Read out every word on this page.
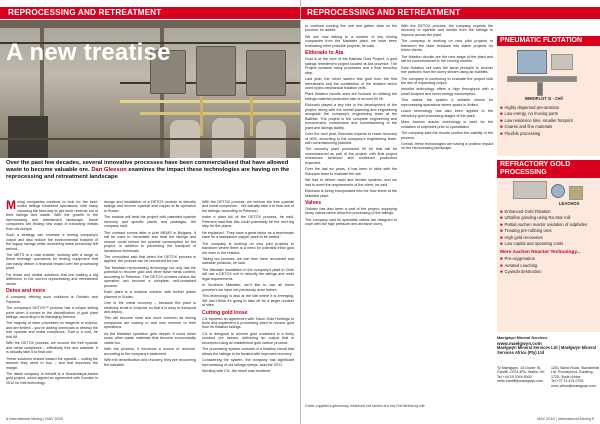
REPROCESSING AND RETREATMENT
A new treatise
Over the past few decades, several innovative processes have been commercialised that have allowed waste to become valuable ore. Dan Gleeson examines the impact these technologies are having on the reprocessing and retreatment landscape

Mining companies continue to look for the best-suited tailings treatment operations, with many choosing the best way to get more revenue out of their tailings and waste. With the growth in the reprocessing and retreatment landscape, these companies are finding new ways of extracting metals from old dumps.

Such a strategy can increase a mining company's output and also reduce the environmental footprint of the legacy tailings while recovering metal previously left behind.

The METS is a vital enabler, working with a range of these leverage operations for finding equipment that can easily deliver a financial reward over the processing plant.

For these and similar solutions that are making a big difference in the current reprocessing and retreatment sector.

Detox and more

A company offering such solutions is Outotec and Partners.

The company's DETOX™ process has a unique selling point when it comes to the detoxification of gold plant tailings, according to its Managing Director.

The majority of other processes on reagents or sulphur, and are limited – you've adding chemicals to destroy the free cyanide and metal complexes. That is a cost, he told IM.

With the DETOX process, we recover the free cyanide and metal complexes – effectively free and saleable. It is actually take it to final use.

These solutions reduce toward the cyanide – cutting the amount they need to buy – and that improves the margin.

The latest company to benefit is a Mozambique-based gold project, which signed an agreement with Dundee in 2012 for this technology.

design and installation of a DETOX module to detoxify tailings and recover cyanide and copper at its operation in Sudan.

The module will treat the project with patented cyanide recovery and specific plants and packages, the company said.

The contract comes after a joint MEMS in Bulgaria. It will be used to 'remediate and treat the tailings and ensure' could reduce the cyanide consumption for the project, in addition to preventing the transport of hazardous chemicals.

The consultant said that when the DETOX process is applied, the product can be recovered for use.

The Mantaler reprocessing technology not only has the potential to recover gold and other base metal content, according to Peterson. The DETOX process means the operation can become a complete, self-contained process.

Each plant is a modular solution with further plants planned in Sudan.

One is the metal recovery – because the plant is relatively small in footprint, so that it is easy to transport and deploy.

This will become more and more common as mining companies are looking to add new revenue to their operations.

As the Mantaler operation gets deeper, it could mean some other waste materials that become economically viable too.

With the process, it becomes a source of revenue, according to the company's statement.

With the detoxification and recovery, they are recovering the saleable.

With the DETOX process, we recover the free cyanide and metal complexes... We actually take it to final use of the tailings, according to Peterson.

make a plant full of the DETOX process, he said. Peterson said that this could potentially be the next big step for the plants.

He explained: 'They have a great factor as a benchmark case for a standalone copper plant to be added.'

The company is working on new pilot projects to transform where there is a need for potential fresh gold ore even in the residue.

Taking our process, we can then have recovered and saleable products, he said.

The Mantaler installation in the company's plant in Chile will use a DETOX unit to detoxify the tailings and meet legal requirements.

In Southern Mantaler, we'd like to use all these process's we have not previously done before.

This technology is also at the site where it is emerging. We don't think it's going to take off for a larger number of sites.

Cutting gold loose

CIL reported an agreement with Tulum Gold Holdings to build and implement a processing plant to recover gold from its flotation tailings.

CIL is designed to recover gold contained in a finely crushed ore stream, delivering an output that is recovered using an established gold carbon process.

The processing system consists of a flotation circuit that allows the tailings to be treated with improved recovery.

Considering the system, the company has significant reprocessing of old tailings dumps, said the CEO.

Working with CIL, the result was excellent.

8 International Mining | MAY 2018
REPROCESSING AND RETREATMENT

to continue running the unit and gather data on the process, he added.

We are now talking to a number of key mining companies from the Mantaler plant, we have been evaluating other possible projects, he said.

Eldorado to Ata

Gold is at the core of the Bakhtar Gold Project, a gold tailings retreatment project located at Ata province. The Project contains many processes and a final recovery step.

Last year, the miner started first gold from the first retreatment and the constitution of the flotation which used hydro-mechanical flotation cells.

Plant flotation circuits used are focused on utilising the tailings material production rate of around 50 t/h.

Eldorado played a key role in the development of the project, along with the overall planning and engineering alongside the company's engineering team at the Bakhtar. The project is the complete engineering and procurement, construction and commissioning of the plant and tailings facility.

Over the next year, Eldorado expects to reach recovery of 90%, according to the company's engineering team, with commissioning planned.

The recovery plant processed 90 t/h that will be commissioned as part of the project, with final project milestones achieved and continued production expected.

Over the last six years, it has been in talks with the Eldorado team to evaluate the site.

We had to deliver rapid and flexible systems, and we had to meet the requirements of the client, he said.

Eldorado is being incorporated into the flow sheet at the Mantaler plant.

Valves

Outotec has also been a part of the project, supplying slurry valves which allow the processing of the tailings.

The company said its specialist valves are designed to cope with the high pressure and abrasive slurry.

With the DETOX process, the company expects the recovery of cyanide and metals from the tailings to improve across the plant.

The company is working on new pilot projects to transform the older residues into viable projects for future clients.

The flotation circuits are the next stage of the plant and will be commissioned in the coming months.

Each flotation cell uses the same principle to recover fine particles from the slurry stream using air bubbles.

The company is continuing to evaluate the project with the aim of expanding output.

Imhoflot technology offers a high throughput with a small footprint and lower energy consumption.

This makes the system a suitable choice for reprocessing operations where space is limited.

Leach technology has also been applied to the refractory gold processing stages of the plant.

More Aachen reactor technology is used for the oxidation of sulphides prior to cyanidation.

The company said the results confirm the viability of the process.

Overall, these technologies are having a positive impact on the reprocessing landscape.

PNEUMATIC FLOTATION
IMHOFLOT G - Cell
■ Highly dispersed pre-aeration
■ Low energy, no moving parts
■ Low residence time, smaller footprint
■ Coarse and fine materials
■ Flexible processing
REFRACTORY GOLD PROCESSING
LEACHOX
■ Enhanced Gold Flotation
■ Ultrafine grinding using Ra-Star mill
■ Partial Aachen reactor oxidation of sulphides
■ Treating pre-robbing ores
■ High gold recoveries
■ Low capital and operating costs
More Aachen Reactor Technology...
■ Pre-oxygenation
■ Aerated Leaching
■ Cyanide destruction
Maelgwyn Mineral Services
www.maelgwyn.com
Maelgwyn Mineral Services Ltd | Maelgwyn Mineral Services Africa (Pty) Ltd
Ty Maelgwyn, 1A Gower St, Cardiff, CF24 4PA, Wales, UK
Tel +44 29 2049 5000
mms.cardiff@maelgwyn.com
1201 Stand Road, Standeritalt Ltd, Roodepoort, Gauteng, 1725, South Africa
Tel +27 11 474 0705
mms.africa@maelgwyn.com
Cortec supplied a generously reinforced cell section at a key Fort McMurray site
MAY 2018 | International Mining 9
